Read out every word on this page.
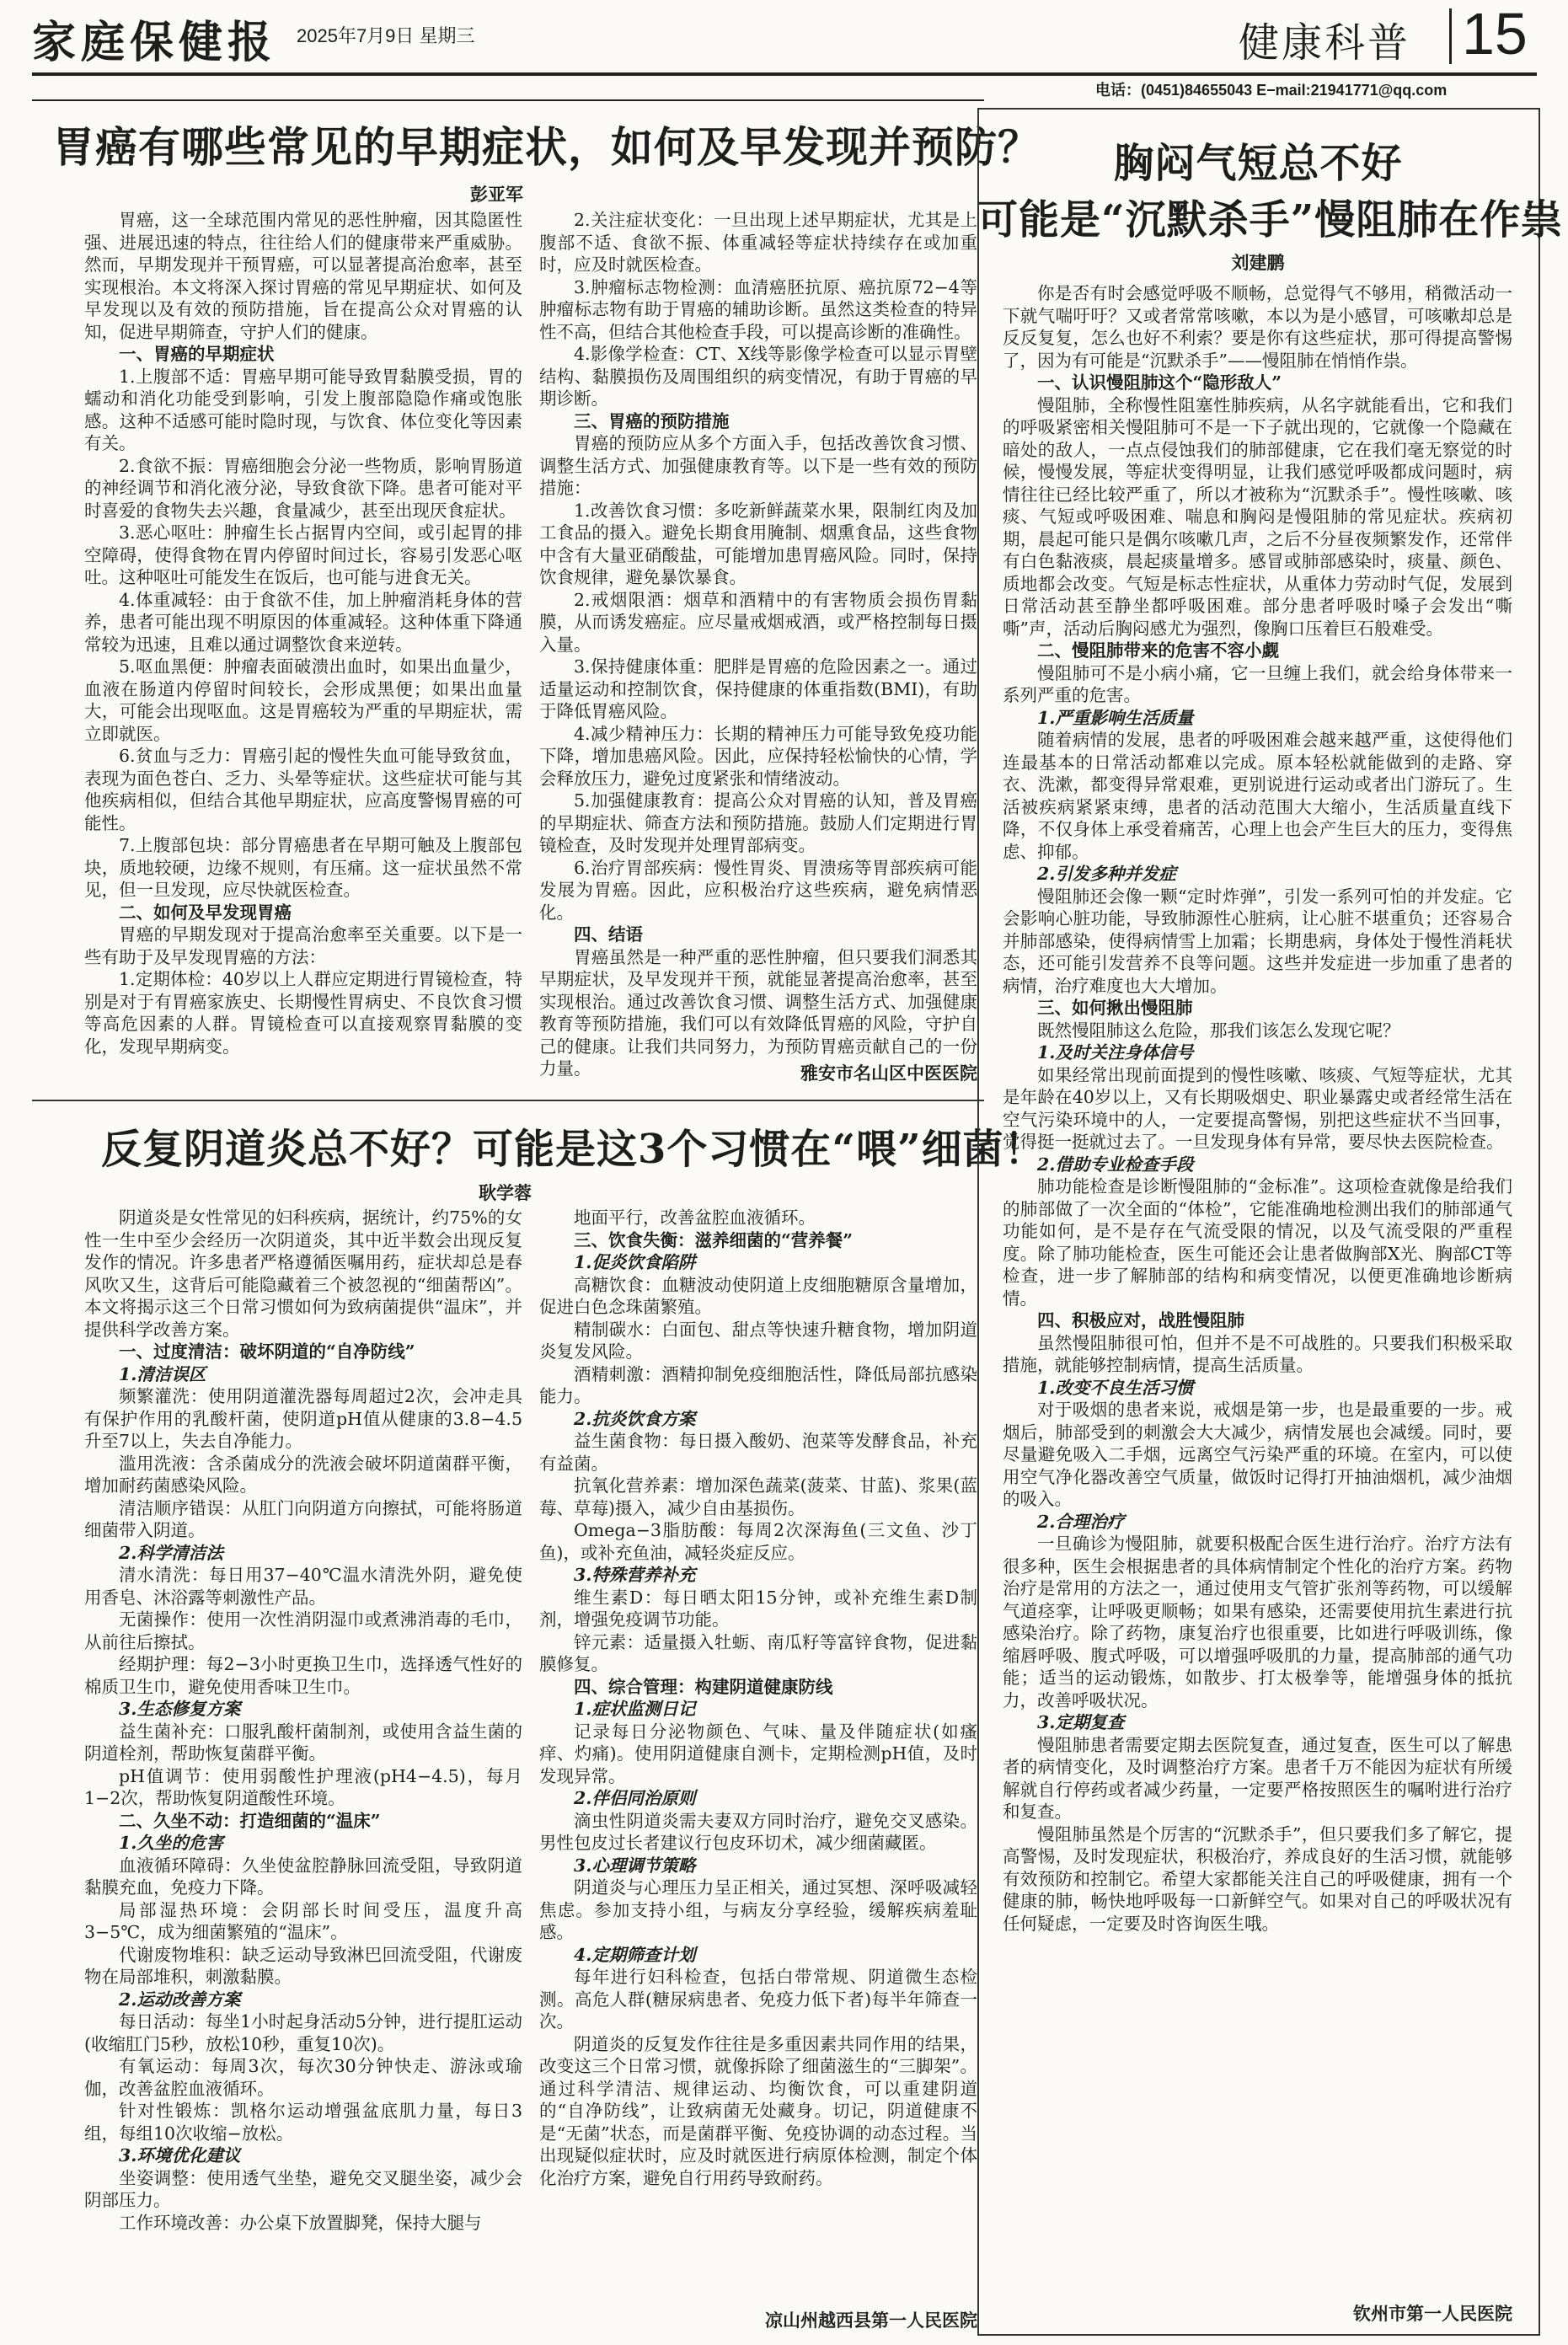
家庭保健报 2025年7月9日 星期三	健康科普 15
电话：(0451)84655043 E−mail:21941771@qq.com
胃癌有哪些常见的早期症状，如何及早发现并预防？
彭亚军

胃癌，这一全球范围内常见的恶性肿瘤，因其隐匿性强、进展迅速的特点，往往给人们的健康带来严重威胁。然而，早期发现并干预胃癌，可以显著提高治愈率，甚至实现根治。本文将深入探讨胃癌的常见早期症状、如何及早发现以及有效的预防措施，旨在提高公众对胃癌的认知，促进早期筛查，守护人们的健康。

一、胃癌的早期症状

1.上腹部不适：胃癌早期可能导致胃黏膜受损，胃的蠕动和消化功能受到影响，引发上腹部隐隐作痛或饱胀感。这种不适感可能时隐时现，与饮食、体位变化等因素有关。

2.食欲不振：胃癌细胞会分泌一些物质，影响胃肠道的神经调节和消化液分泌，导致食欲下降。患者可能对平时喜爱的食物失去兴趣，食量减少，甚至出现厌食症状。

3.恶心呕吐：肿瘤生长占据胃内空间，或引起胃的排空障碍，使得食物在胃内停留时间过长，容易引发恶心呕吐。这种呕吐可能发生在饭后，也可能与进食无关。

4.体重减轻：由于食欲不佳，加上肿瘤消耗身体的营养，患者可能出现不明原因的体重减轻。这种体重下降通常较为迅速，且难以通过调整饮食来逆转。

5.呕血黑便：肿瘤表面破溃出血时，如果出血量少，血液在肠道内停留时间较长，会形成黑便；如果出血量大，可能会出现呕血。这是胃癌较为严重的早期症状，需立即就医。

6.贫血与乏力：胃癌引起的慢性失血可能导致贫血，表现为面色苍白、乏力、头晕等症状。这些症状可能与其他疾病相似，但结合其他早期症状，应高度警惕胃癌的可能性。

7.上腹部包块：部分胃癌患者在早期可触及上腹部包块，质地较硬，边缘不规则，有压痛。这一症状虽然不常见，但一旦发现，应尽快就医检查。

二、如何及早发现胃癌

胃癌的早期发现对于提高治愈率至关重要。以下是一些有助于及早发现胃癌的方法：

1.定期体检：40岁以上人群应定期进行胃镜检查，特别是对于有胃癌家族史、长期慢性胃病史、不良饮食习惯等高危因素的人群。胃镜检查可以直接观察胃黏膜的变化，发现早期病变。

2.关注症状变化：一旦出现上述早期症状，尤其是上腹部不适、食欲不振、体重减轻等症状持续存在或加重时，应及时就医检查。

3.肿瘤标志物检测：血清癌胚抗原、癌抗原72−4等肿瘤标志物有助于胃癌的辅助诊断。虽然这类检查的特异性不高，但结合其他检查手段，可以提高诊断的准确性。

4.影像学检查：CT、X线等影像学检查可以显示胃壁结构、黏膜损伤及周围组织的病变情况，有助于胃癌的早期诊断。

三、胃癌的预防措施

胃癌的预防应从多个方面入手，包括改善饮食习惯、调整生活方式、加强健康教育等。以下是一些有效的预防措施：

1.改善饮食习惯：多吃新鲜蔬菜水果，限制红肉及加工食品的摄入。避免长期食用腌制、烟熏食品，这些食物中含有大量亚硝酸盐，可能增加患胃癌风险。同时，保持饮食规律，避免暴饮暴食。

2.戒烟限酒：烟草和酒精中的有害物质会损伤胃黏膜，从而诱发癌症。应尽量戒烟戒酒，或严格控制每日摄入量。

3.保持健康体重：肥胖是胃癌的危险因素之一。通过适量运动和控制饮食，保持健康的体重指数(BMI)，有助于降低胃癌风险。

4.减少精神压力：长期的精神压力可能导致免疫功能下降，增加患癌风险。因此，应保持轻松愉快的心情，学会释放压力，避免过度紧张和情绪波动。

5.加强健康教育：提高公众对胃癌的认知，普及胃癌的早期症状、筛查方法和预防措施。鼓励人们定期进行胃镜检查，及时发现并处理胃部病变。

6.治疗胃部疾病：慢性胃炎、胃溃疡等胃部疾病可能发展为胃癌。因此，应积极治疗这些疾病，避免病情恶化。

四、结语

胃癌虽然是一种严重的恶性肿瘤，但只要我们洞悉其早期症状，及早发现并干预，就能显著提高治愈率，甚至实现根治。通过改善饮食习惯、调整生活方式、加强健康教育等预防措施，我们可以有效降低胃癌的风险，守护自己的健康。让我们共同努力，为预防胃癌贡献自己的一份力量。	雅安市名山区中医医院
反复阴道炎总不好？可能是这3个习惯在“喂”细菌！
耿学蓉

阴道炎是女性常见的妇科疾病，据统计，约75%的女性一生中至少会经历一次阴道炎，其中近半数会出现反复发作的情况。许多患者严格遵循医嘱用药，症状却总是春风吹又生，这背后可能隐藏着三个被忽视的“细菌帮凶”。本文将揭示这三个日常习惯如何为致病菌提供“温床”，并提供科学改善方案。

一、过度清洁：破坏阴道的“自净防线”

1.清洁误区

频繁灌洗：使用阴道灌洗器每周超过2次，会冲走具有保护作用的乳酸杆菌，使阴道pH值从健康的3.8−4.5升至7以上，失去自净能力。

滥用洗液：含杀菌成分的洗液会破坏阴道菌群平衡，增加耐药菌感染风险。

清洁顺序错误：从肛门向阴道方向擦拭，可能将肠道细菌带入阴道。

2.科学清洁法

清水清洗：每日用37−40℃温水清洗外阴，避免使用香皂、沐浴露等刺激性产品。

无菌操作：使用一次性消阴湿巾或煮沸消毒的毛巾，从前往后擦拭。

经期护理：每2−3小时更换卫生巾，选择透气性好的棉质卫生巾，避免使用香味卫生巾。

3.生态修复方案

益生菌补充：口服乳酸杆菌制剂，或使用含益生菌的阴道栓剂，帮助恢复菌群平衡。

pH值调节：使用弱酸性护理液(pH4−4.5)，每月1−2次，帮助恢复阴道酸性环境。

二、久坐不动：打造细菌的“温床”

1.久坐的危害

血液循环障碍：久坐使盆腔静脉回流受阻，导致阴道黏膜充血，免疫力下降。

局部湿热环境：会阴部长时间受压，温度升高3−5℃，成为细菌繁殖的“温床”。

代谢废物堆积：缺乏运动导致淋巴回流受阻，代谢废物在局部堆积，刺激黏膜。

2.运动改善方案

每日活动：每坐1小时起身活动5分钟，进行提肛运动(收缩肛门5秒，放松10秒，重复10次)。

有氧运动：每周3次，每次30分钟快走、游泳或瑜伽，改善盆腔血液循环。

针对性锻炼：凯格尔运动增强盆底肌力量，每日3组，每组10次收缩−放松。

3.环境优化建议

坐姿调整：使用透气坐垫，避免交叉腿坐姿，减少会阴部压力。

工作环境改善：办公桌下放置脚凳，保持大腿与

地面平行，改善盆腔血液循环。

三、饮食失衡：滋养细菌的“营养餐”

1.促炎饮食陷阱

高糖饮食：血糖波动使阴道上皮细胞糖原含量增加，促进白色念珠菌繁殖。

精制碳水：白面包、甜点等快速升糖食物，增加阴道炎复发风险。

酒精刺激：酒精抑制免疫细胞活性，降低局部抗感染能力。

2.抗炎饮食方案

益生菌食物：每日摄入酸奶、泡菜等发酵食品，补充有益菌。

抗氧化营养素：增加深色蔬菜(菠菜、甘蓝)、浆果(蓝莓、草莓)摄入，减少自由基损伤。

Omega−3脂肪酸：每周2次深海鱼(三文鱼、沙丁鱼)，或补充鱼油，减轻炎症反应。

3.特殊营养补充

维生素D：每日晒太阳15分钟，或补充维生素D制剂，增强免疫调节功能。

锌元素：适量摄入牡蛎、南瓜籽等富锌食物，促进黏膜修复。

四、综合管理：构建阴道健康防线

1.症状监测日记

记录每日分泌物颜色、气味、量及伴随症状(如瘙痒、灼痛)。使用阴道健康自测卡，定期检测pH值，及时发现异常。

2.伴侣同治原则

滴虫性阴道炎需夫妻双方同时治疗，避免交叉感染。男性包皮过长者建议行包皮环切术，减少细菌藏匿。

3.心理调节策略

阴道炎与心理压力呈正相关，通过冥想、深呼吸减轻焦虑。参加支持小组，与病友分享经验，缓解疾病羞耻感。

4.定期筛查计划

每年进行妇科检查，包括白带常规、阴道微生态检测。高危人群(糖尿病患者、免疫力低下者)每半年筛查一次。

阴道炎的反复发作往往是多重因素共同作用的结果，改变这三个日常习惯，就像拆除了细菌滋生的“三脚架”。通过科学清洁、规律运动、均衡饮食，可以重建阴道的“自净防线”，让致病菌无处藏身。切记，阴道健康不是“无菌”状态，而是菌群平衡、免疫协调的动态过程。当出现疑似症状时，应及时就医进行病原体检测，制定个体化治疗方案，避免自行用药导致耐药。

凉山州越西县第一人民医院
胸闷气短总不好
可能是“沉默杀手”慢阻肺在作祟
刘建鹏

你是否有时会感觉呼吸不顺畅，总觉得气不够用，稍微活动一下就气喘吁吁？又或者常常咳嗽，本以为是小感冒，可咳嗽却总是反反复复，怎么也好不利索？要是你有这些症状，那可得提高警惕了，因为有可能是“沉默杀手”——慢阻肺在悄悄作祟。

一、认识慢阻肺这个“隐形敌人”

慢阻肺，全称慢性阻塞性肺疾病，从名字就能看出，它和我们的呼吸紧密相关慢阻肺可不是一下子就出现的，它就像一个隐藏在暗处的敌人，一点点侵蚀我们的肺部健康，它在我们毫无察觉的时候，慢慢发展，等症状变得明显，让我们感觉呼吸都成问题时，病情往往已经比较严重了，所以才被称为“沉默杀手”。慢性咳嗽、咳痰、气短或呼吸困难、喘息和胸闷是慢阻肺的常见症状。疾病初期，晨起可能只是偶尔咳嗽几声，之后不分昼夜频繁发作，还常伴有白色黏液痰，晨起痰量增多。感冒或肺部感染时，痰量、颜色、质地都会改变。气短是标志性症状，从重体力劳动时气促，发展到日常活动甚至静坐都呼吸困难。部分患者呼吸时嗓子会发出“嘶嘶”声，活动后胸闷感尤为强烈，像胸口压着巨石般难受。

二、慢阻肺带来的危害不容小觑

慢阻肺可不是小病小痛，它一旦缠上我们，就会给身体带来一系列严重的危害。

1.严重影响生活质量

随着病情的发展，患者的呼吸困难会越来越严重，这使得他们连最基本的日常活动都难以完成。原本轻松就能做到的走路、穿衣、洗漱，都变得异常艰难，更别说进行运动或者出门游玩了。生活被疾病紧紧束缚，患者的活动范围大大缩小，生活质量直线下降，不仅身体上承受着痛苦，心理上也会产生巨大的压力，变得焦虑、抑郁。

2.引发多种并发症

慢阻肺还会像一颗“定时炸弹”，引发一系列可怕的并发症。它会影响心脏功能，导致肺源性心脏病，让心脏不堪重负；还容易合并肺部感染，使得病情雪上加霜；长期患病，身体处于慢性消耗状态，还可能引发营养不良等问题。这些并发症进一步加重了患者的病情，治疗难度也大大增加。

三、如何揪出慢阻肺

既然慢阻肺这么危险，那我们该怎么发现它呢？

1.及时关注身体信号

如果经常出现前面提到的慢性咳嗽、咳痰、气短等症状，尤其是年龄在40岁以上，又有长期吸烟史、职业暴露史或者经常生活在空气污染环境中的人，一定要提高警惕，别把这些症状不当回事，觉得挺一挺就过去了。一旦发现身体有异常，要尽快去医院检查。

2.借助专业检查手段

肺功能检查是诊断慢阻肺的“金标准”。这项检查就像是给我们的肺部做了一次全面的“体检”，它能准确地检测出我们的肺部通气功能如何，是不是存在气流受限的情况，以及气流受限的严重程度。除了肺功能检查，医生可能还会让患者做胸部X光、胸部CT等检查，进一步了解肺部的结构和病变情况，以便更准确地诊断病情。

四、积极应对，战胜慢阻肺

虽然慢阻肺很可怕，但并不是不可战胜的。只要我们积极采取措施，就能够控制病情，提高生活质量。

1.改变不良生活习惯

对于吸烟的患者来说，戒烟是第一步，也是最重要的一步。戒烟后，肺部受到的刺激会大大减少，病情发展也会减缓。同时，要尽量避免吸入二手烟，远离空气污染严重的环境。在室内，可以使用空气净化器改善空气质量，做饭时记得打开抽油烟机，减少油烟的吸入。

2.合理治疗

一旦确诊为慢阻肺，就要积极配合医生进行治疗。治疗方法有很多种，医生会根据患者的具体病情制定个性化的治疗方案。药物治疗是常用的方法之一，通过使用支气管扩张剂等药物，可以缓解气道痉挛，让呼吸更顺畅；如果有感染，还需要使用抗生素进行抗感染治疗。除了药物，康复治疗也很重要，比如进行呼吸训练，像缩唇呼吸、腹式呼吸，可以增强呼吸肌的力量，提高肺部的通气功能；适当的运动锻炼，如散步、打太极拳等，能增强身体的抵抗力，改善呼吸状况。

3.定期复查

慢阻肺患者需要定期去医院复查，通过复查，医生可以了解患者的病情变化，及时调整治疗方案。患者千万不能因为症状有所缓解就自行停药或者减少药量，一定要严格按照医生的嘱咐进行治疗和复查。

慢阻肺虽然是个厉害的“沉默杀手”，但只要我们多了解它，提高警惕，及时发现症状，积极治疗，养成良好的生活习惯，就能够有效预防和控制它。希望大家都能关注自己的呼吸健康，拥有一个健康的肺，畅快地呼吸每一口新鲜空气。如果对自己的呼吸状况有任何疑虑，一定要及时咨询医生哦。

钦州市第一人民医院
